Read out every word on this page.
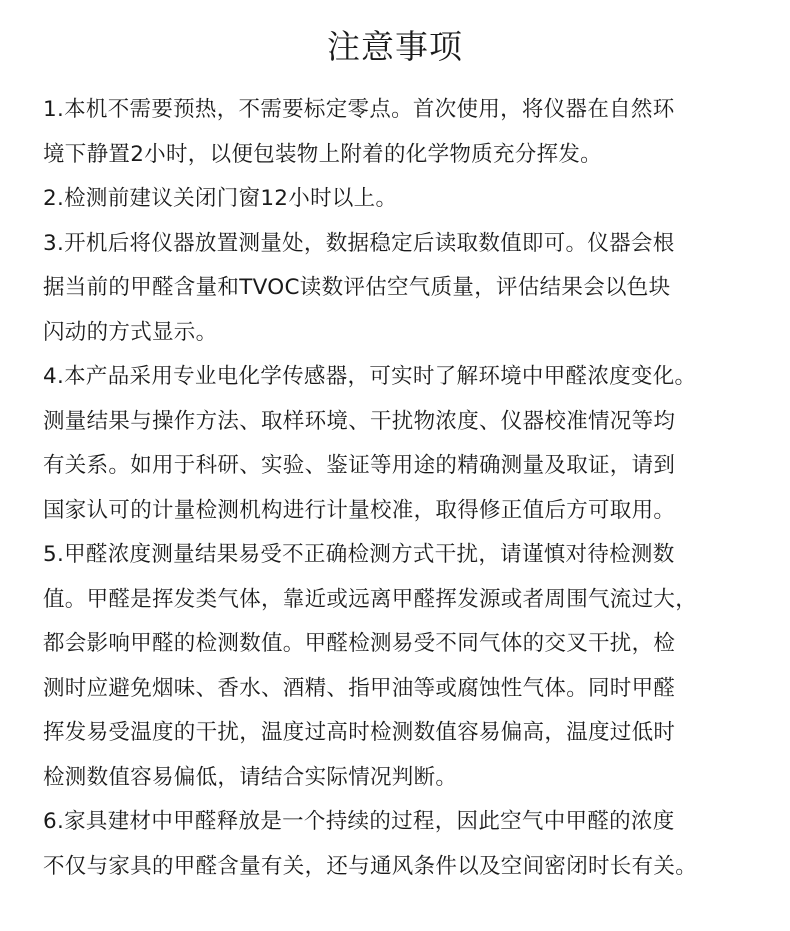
注意事项
1.本机不需要预热，不需要标定零点。首次使用，将仪器在自然环
境下静置2小时，以便包装物上附着的化学物质充分挥发。
2.检测前建议关闭门窗12小时以上。
3.开机后将仪器放置测量处，数据稳定后读取数值即可。仪器会根
据当前的甲醛含量和TVOC读数评估空气质量，评估结果会以色块
闪动的方式显示。
4.本产品采用专业电化学传感器，可实时了解环境中甲醛浓度变化。
测量结果与操作方法、取样环境、干扰物浓度、仪器校准情况等均
有关系。如用于科研、实验、鉴证等用途的精确测量及取证，请到
国家认可的计量检测机构进行计量校准，取得修正值后方可取用。
5.甲醛浓度测量结果易受不正确检测方式干扰，请谨慎对待检测数
值。甲醛是挥发类气体，靠近或远离甲醛挥发源或者周围气流过大，
都会影响甲醛的检测数值。甲醛检测易受不同气体的交叉干扰，检
测时应避免烟味、香水、酒精、指甲油等或腐蚀性气体。同时甲醛
挥发易受温度的干扰，温度过高时检测数值容易偏高，温度过低时
检测数值容易偏低，请结合实际情况判断。
6.家具建材中甲醛释放是一个持续的过程，因此空气中甲醛的浓度
不仅与家具的甲醛含量有关，还与通风条件以及空间密闭时长有关。
